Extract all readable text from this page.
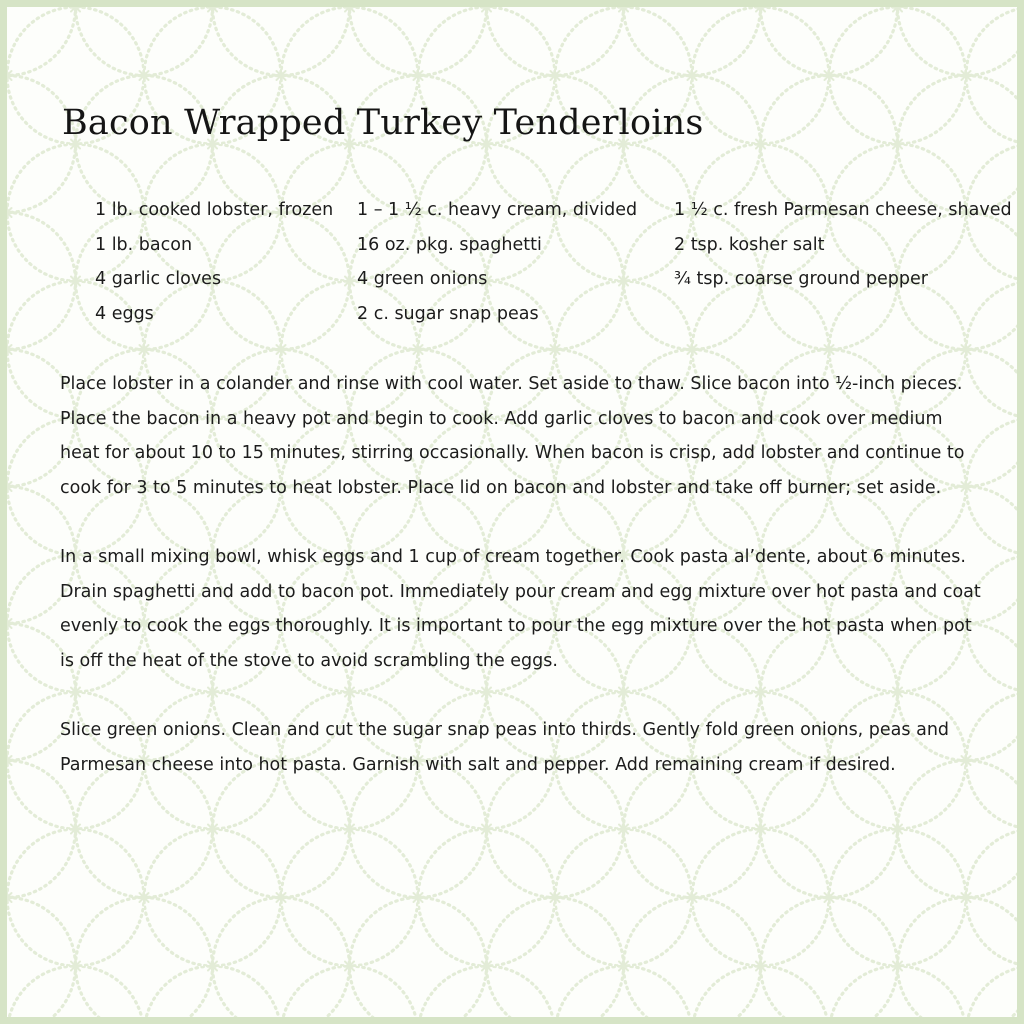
Bacon Wrapped Turkey Tenderloins
1 lb. cooked lobster, frozen
1 lb. bacon
4 garlic cloves
4 eggs
1 – 1 ½ c. heavy cream, divided
16 oz. pkg. spaghetti
4 green onions
2 c. sugar snap peas
1 ½ c. fresh Parmesan cheese, shaved
2 tsp. kosher salt
¾ tsp. coarse ground pepper

Place lobster in a colander and rinse with cool water. Set aside to thaw. Slice bacon into ½-inch pieces. Place the bacon in a heavy pot and begin to cook. Add garlic cloves to bacon and cook over medium heat for about 10 to 15 minutes, stirring occasionally. When bacon is crisp, add lobster and continue to cook for 3 to 5 minutes to heat lobster. Place lid on bacon and lobster and take off burner; set aside.

In a small mixing bowl, whisk eggs and 1 cup of cream together. Cook pasta al’dente, about 6 minutes. Drain spaghetti and add to bacon pot. Immediately pour cream and egg mixture over hot pasta and coat evenly to cook the eggs thoroughly. It is important to pour the egg mixture over the hot pasta when pot is off the heat of the stove to avoid scrambling the eggs.

Slice green onions. Clean and cut the sugar snap peas into thirds. Gently fold green onions, peas and Parmesan cheese into hot pasta. Garnish with salt and pepper. Add remaining cream if desired.
